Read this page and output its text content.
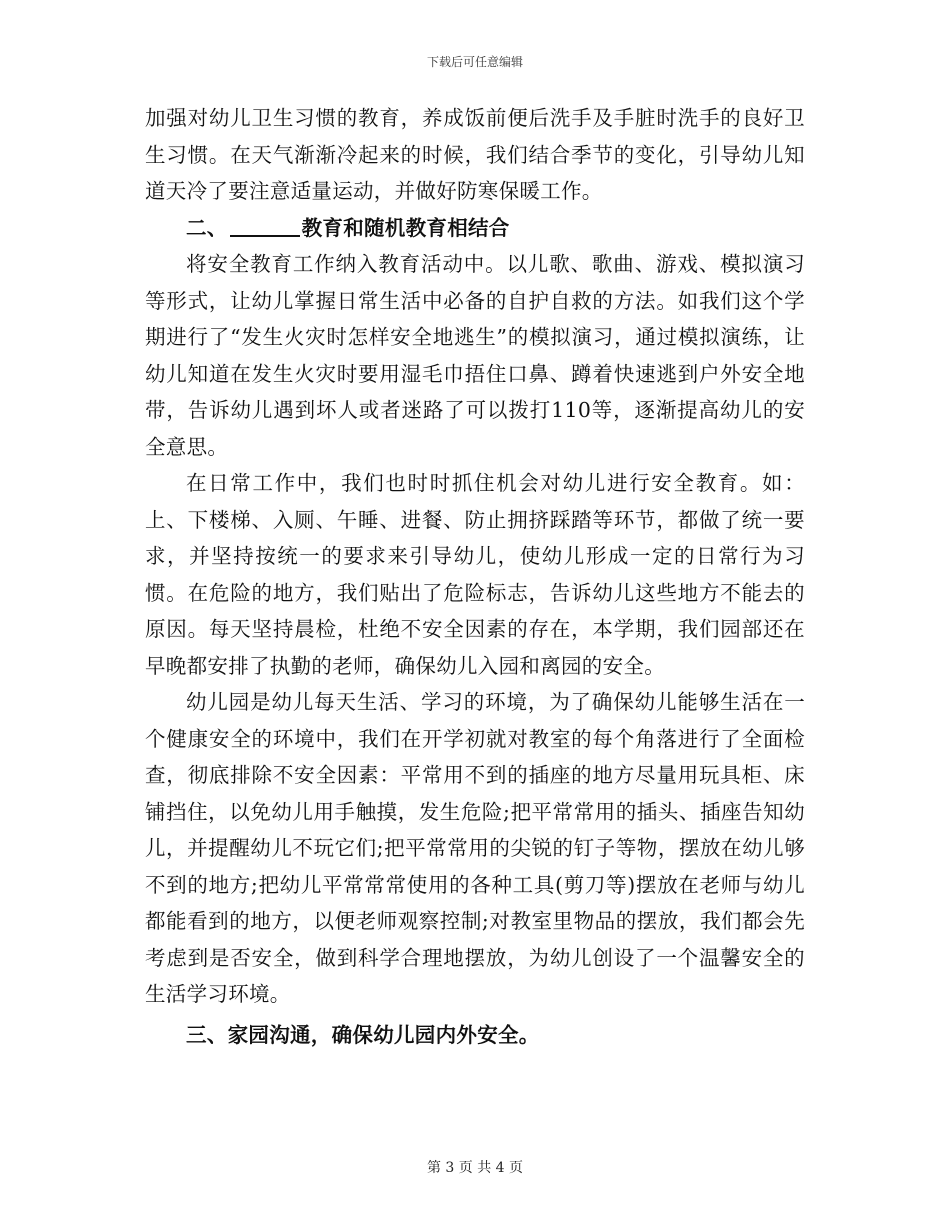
下载后可任意编辑

加强对幼儿卫生习惯的教育，养成饭前便后洗手及手脏时洗手的良好卫生习惯。在天气渐渐冷起来的时候，我们结合季节的变化，引导幼儿知道天冷了要注意适量运动，并做好防寒保暖工作。

二、	教育和随机教育相结合

将安全教育工作纳入教育活动中。以儿歌、歌曲、游戏、模拟演习等形式，让幼儿掌握日常生活中必备的自护自救的方法。如我们这个学期进行了“发生火灾时怎样安全地逃生”的模拟演习，通过模拟演练，让幼儿知道在发生火灾时要用湿毛巾捂住口鼻、蹲着快速逃到户外安全地带，告诉幼儿遇到坏人或者迷路了可以拨打110等，逐渐提高幼儿的安全意思。

在日常工作中，我们也时时抓住机会对幼儿进行安全教育。如：上、下楼梯、入厕、午睡、进餐、防止拥挤踩踏等环节，都做了统一要求，并坚持按统一的要求来引导幼儿，使幼儿形成一定的日常行为习惯。在危险的地方，我们贴出了危险标志，告诉幼儿这些地方不能去的原因。每天坚持晨检，杜绝不安全因素的存在，本学期，我们园部还在早晚都安排了执勤的老师，确保幼儿入园和离园的安全。

幼儿园是幼儿每天生活、学习的环境，为了确保幼儿能够生活在一个健康安全的环境中，我们在开学初就对教室的每个角落进行了全面检查，彻底排除不安全因素：平常用不到的插座的地方尽量用玩具柜、床铺挡住，以免幼儿用手触摸，发生危险;把平常常用的插头、插座告知幼儿，并提醒幼儿不玩它们;把平常常用的尖锐的钉子等物，摆放在幼儿够不到的地方;把幼儿平常常常使用的各种工具(剪刀等)摆放在老师与幼儿都能看到的地方，以便老师观察控制;对教室里物品的摆放，我们都会先考虑到是否安全，做到科学合理地摆放，为幼儿创设了一个温馨安全的生活学习环境。

三、家园沟通，确保幼儿园内外安全。

第 3 页 共 4 页
